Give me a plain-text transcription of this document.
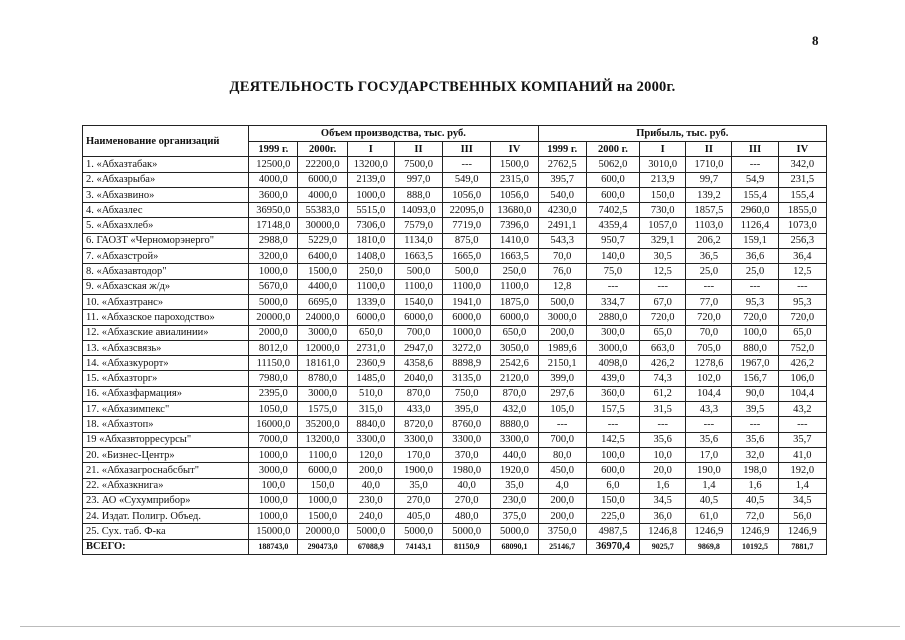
8
ДЕЯТЕЛЬНОСТЬ ГОСУДАРСТВЕННЫХ КОМПАНИЙ на 2000г.
Наименование организаций	Объем производства, тыс. руб.						Прибыль, тыс. руб.					
	1999 г.	2000г.	I	II	III	IV	1999 г.	2000 г.	I	II	III	IV
1. «Абхазтабак»	12500,0	22200,0	13200,0	7500,0	---	1500,0	2762,5	5062,0	3010,0	1710,0	---	342,0
2. «Абхазрыба»	4000,0	6000,0	2139,0	997,0	549,0	2315,0	395,7	600,0	213,9	99,7	54,9	231,5
3. «Абхазвино»	3600,0	4000,0	1000,0	888,0	1056,0	1056,0	540,0	600,0	150,0	139,2	155,4	155,4
4. «Абхазлес	36950,0	55383,0	5515,0	14093,0	22095,0	13680,0	4230,0	7402,5	730,0	1857,5	2960,0	1855,0
5. «Абхазхлеб»	17148,0	30000,0	7306,0	7579,0	7719,0	7396,0	2491,1	4359,4	1057,0	1103,0	1126,4	1073,0
6. ГАОЗТ «Черноморэнерго"	2988,0	5229,0	1810,0	1134,0	875,0	1410,0	543,3	950,7	329,1	206,2	159,1	256,3
7. «Абхазстрой»	3200,0	6400,0	1408,0	1663,5	1665,0	1663,5	70,0	140,0	30,5	36,5	36,6	36,4
8. «Абхазавтодор"	1000,0	1500,0	250,0	500,0	500,0	250,0	76,0	75,0	12,5	25,0	25,0	12,5
9. «Абхазская ж/д»	5670,0	4400,0	1100,0	1100,0	1100,0	1100,0	12,8	---	---	---	---	---
10. «Абхазтранс»	5000,0	6695,0	1339,0	1540,0	1941,0	1875,0	500,0	334,7	67,0	77,0	95,3	95,3
11. «Абхазское пароходство»	20000,0	24000,0	6000,0	6000,0	6000,0	6000,0	3000,0	2880,0	720,0	720,0	720,0	720,0
12. «Абхазские авиалинии»	2000,0	3000,0	650,0	700,0	1000,0	650,0	200,0	300,0	65,0	70,0	100,0	65,0
13. «Абхазсвязь»	8012,0	12000,0	2731,0	2947,0	3272,0	3050,0	1989,6	3000,0	663,0	705,0	880,0	752,0
14. «Абхазкурорт»	11150,0	18161,0	2360,9	4358,6	8898,9	2542,6	2150,1	4098,0	426,2	1278,6	1967,0	426,2
15. «Абхазторг»	7980,0	8780,0	1485,0	2040,0	3135,0	2120,0	399,0	439,0	74,3	102,0	156,7	106,0
16. «Абхазфармация»	2395,0	3000,0	510,0	870,0	750,0	870,0	297,6	360,0	61,2	104,4	90,0	104,4
17. «Абхазимпекс"	1050,0	1575,0	315,0	433,0	395,0	432,0	105,0	157,5	31,5	43,3	39,5	43,2
18. «Абхазтоп»	16000,0	35200,0	8840,0	8720,0	8760,0	8880,0	---	---	---	---	---	---
19 «Абхазвторресурсы"	7000,0	13200,0	3300,0	3300,0	3300,0	3300,0	700,0	142,5	35,6	35,6	35,6	35,7
20. «Бизнес-Центр»	1000,0	1100,0	120,0	170,0	370,0	440,0	80,0	100,0	10,0	17,0	32,0	41,0
21. «Абхазагроснабсбыт"	3000,0	6000,0	200,0	1900,0	1980,0	1920,0	450,0	600,0	20,0	190,0	198,0	192,0
22. «Абхазкнига»	100,0	150,0	40,0	35,0	40,0	35,0	4,0	6,0	1,6	1,4	1,6	1,4
23. АО «Сухумприбор»	1000,0	1000,0	230,0	270,0	270,0	230,0	200,0	150,0	34,5	40,5	40,5	34,5
24. Издат. Полигр. Объед.	1000,0	1500,0	240,0	405,0	480,0	375,0	200,0	225,0	36,0	61,0	72,0	56,0
25. Сух. таб. Ф-ка	15000,0	20000,0	5000,0	5000,0	5000,0	5000,0	3750,0	4987,5	1246,8	1246,9	1246,9	1246,9
ВСЕГО:	188743,0	290473,0	67088,9	74143,1	81150,9	68090,1	25146,7	36970,4	9025,7	9869,8	10192,5	7881,7
